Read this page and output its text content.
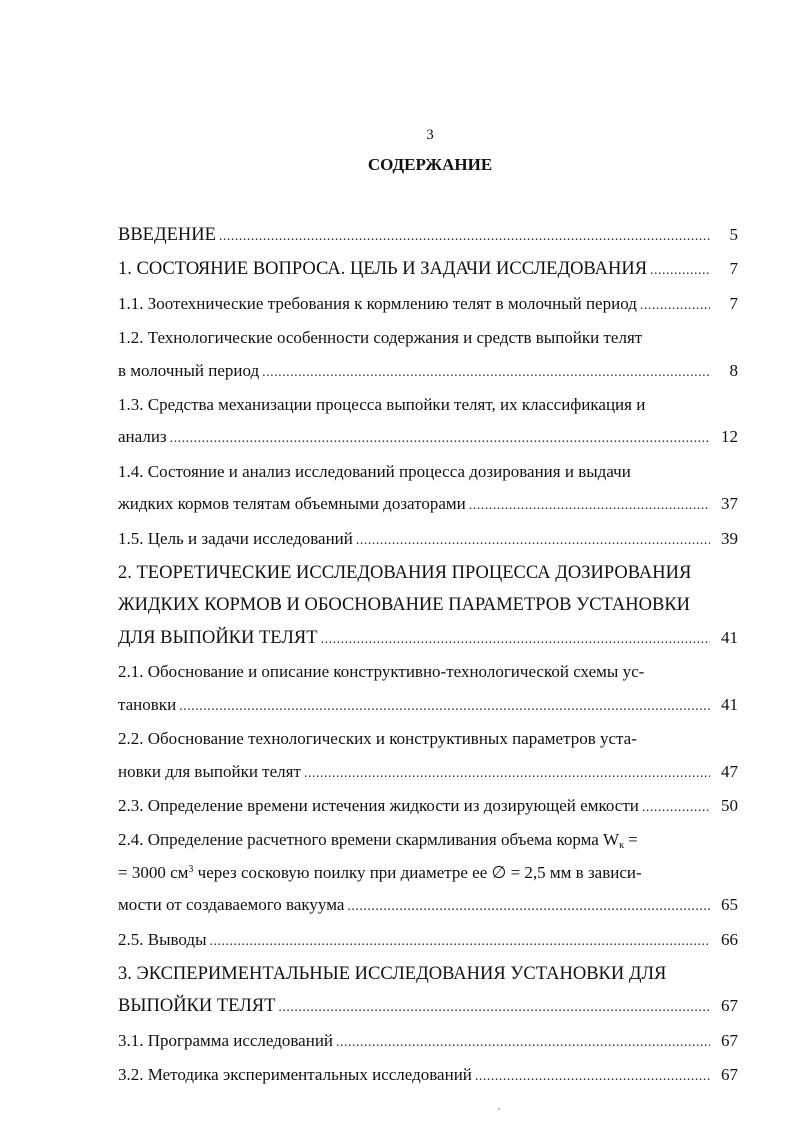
3
СОДЕРЖАНИЕ
ВВЕДЕНИЕ .....	5
1. СОСТОЯНИЕ ВОПРОСА. ЦЕЛЬ И ЗАДАЧИ ИССЛЕДОВАНИЯ .....	7
1.1. Зоотехнические требования к кормлению телят в молочный период .....	7
1.2. Технологические особенности содержания и средств выпойки телят
в молочный период .....	8
1.3. Средства механизации процесса выпойки телят, их классификация и
анализ .....	12
1.4. Состояние и анализ исследований процесса дозирования и выдачи
жидких кормов телятам объемными дозаторами .....	37
1.5. Цель и задачи исследований .....	39
2. ТЕОРЕТИЧЕСКИЕ ИССЛЕДОВАНИЯ ПРОЦЕССА ДОЗИРОВАНИЯ
ЖИДКИХ КОРМОВ И ОБОСНОВАНИЕ ПАРАМЕТРОВ УСТАНОВКИ
ДЛЯ ВЫПОЙКИ ТЕЛЯТ .....	41
2.1. Обоснование и описание конструктивно-технологической схемы ус-
тановки .....	41
2.2. Обоснование технологических и конструктивных параметров уста-
новки для выпойки телят .....	47
2.3. Определение времени истечения жидкости из дозирующей емкости .....	50
2.4. Определение расчетного времени скармливания объема корма $W_к$ =
= 3000 $см^3$ через сосковую поилку при диаметре ее ∅ = 2,5 мм в зависи-
мости от создаваемого вакуума .....	65
2.5. Выводы .....	66
3. ЭКСПЕРИМЕНТАЛЬНЫЕ ИССЛЕДОВАНИЯ УСТАНОВКИ ДЛЯ
ВЫПОЙКИ ТЕЛЯТ .....	67
3.1. Программа исследований .....	67
3.2. Методика экспериментальных исследований .....	67
